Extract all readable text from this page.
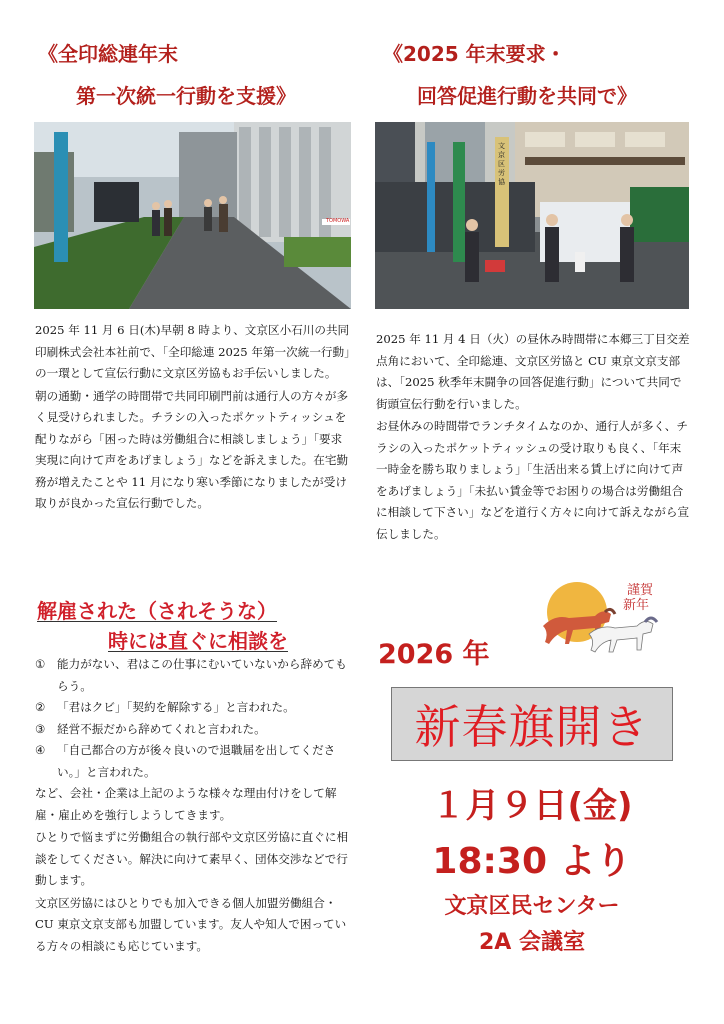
《全印総連年末
第一次統一行動を支援》
《2025 年末要求・
回答促進行動を共同で》
TOMOWA
文京区労協

2025 年 11 月 6 日(木)早朝 8 時より、文京区小石川の共同印刷株式会社本社前で、「全印総連 2025 年第一次統一行動」の一環として宣伝行動に文京区労協もお手伝いしました。

朝の通勤・通学の時間帯で共同印刷門前は通行人の方々が多く見受けられました。チラシの入ったポケットティッシュを配りながら「困った時は労働組合に相談しましょう」「要求実現に向けて声をあげましょう」などを訴えました。在宅勤務が増えたことや 11 月になり寒い季節になりましたが受け取りが良かった宣伝行動でした。

2025 年 11 月 4 日（火）の昼休み時間帯に本郷三丁目交差点角において、全印総連、文京区労協と CU 東京文京支部は、「2025 秋季年末闘争の回答促進行動」について共同で街頭宣伝行動を行いました。

お昼休みの時間帯でランチタイムなのか、通行人が多く、チラシの入ったポケットティッシュの受け取りも良く、「年末一時金を勝ち取りましょう」「生活出来る賃上げに向けて声をあげましょう」「未払い賃金等でお困りの場合は労働組合に相談して下さい」などを道行く方々に向けて訴えながら宣伝しました。

解雇された（されそうな）
時には直ぐに相談を
① 能力がない、君はこの仕事にむいていないから辞めてもらう。
② 「君はクビ」「契約を解除する」と言われた。
③ 経営不振だから辞めてくれと言われた。
④ 「自己都合の方が後々良いので退職届を出してください。」と言われた。

など、会社・企業は上記のような様々な理由付けをして解雇・雇止めを強行しようしてきます。

ひとりで悩まずに労働組合の執行部や文京区労協に直ぐに相談をしてください。解決に向けて素早く、団体交渉などで行動します。

文京区労協にはひとりでも加入できる個人加盟労働組合・CU 東京文京支部も加盟しています。友人や知人で困っている方々の相談にも応じています。

謹賀
新年
2026 年
新春旗開き
１月９日(金)
18:30 より
文京区民センター
2A 会議室
